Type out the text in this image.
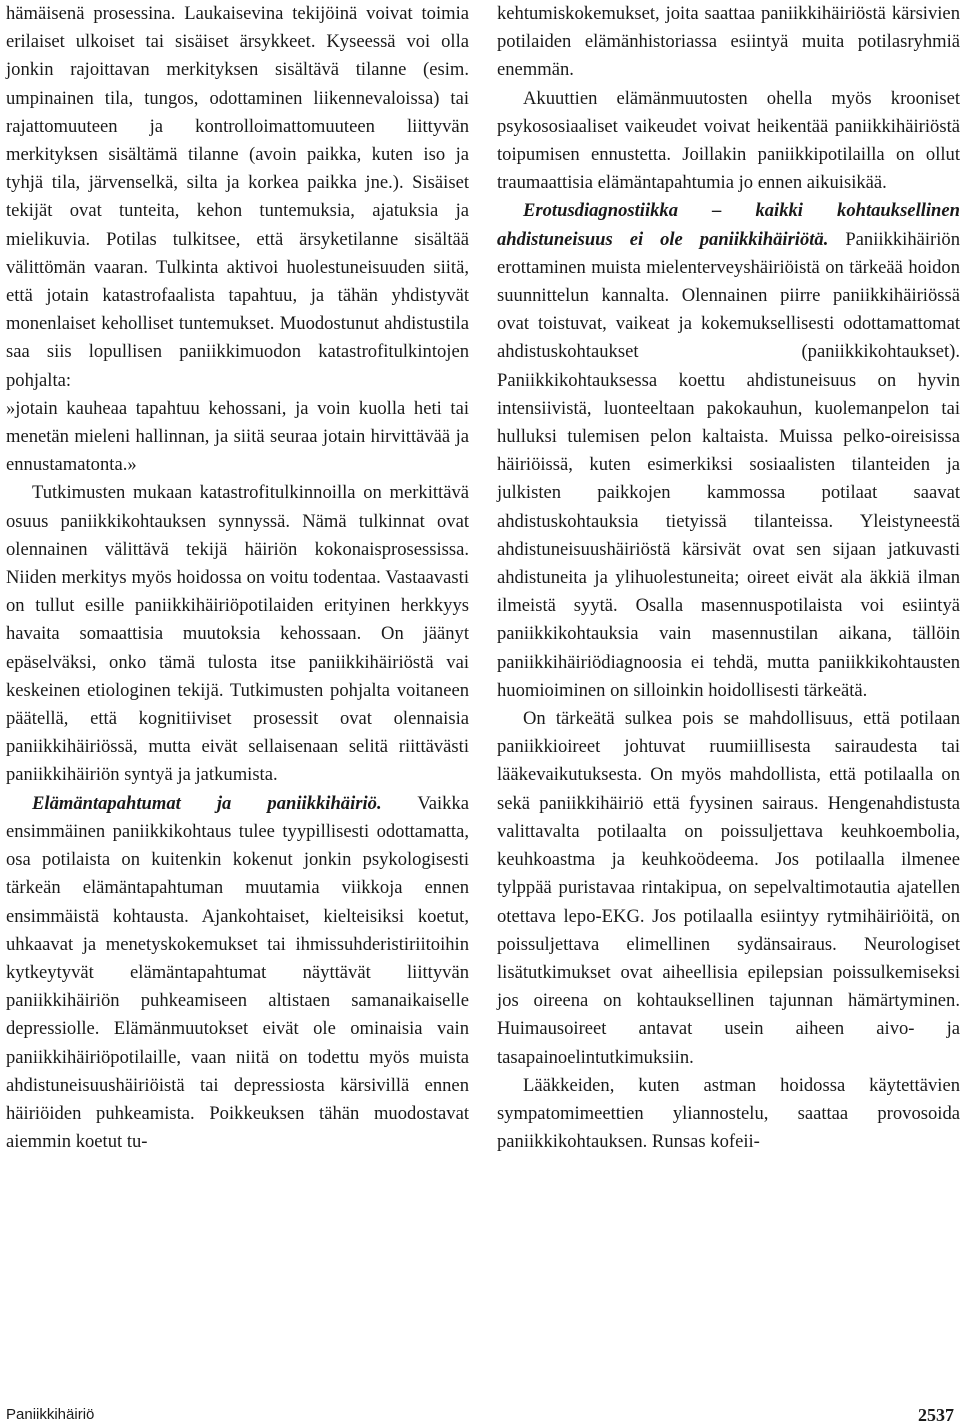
hämäisenä prosessina. Laukaisevina tekijöinä voivat toimia erilaiset ulkoiset tai sisäiset ärsykkeet. Kyseessä voi olla jonkin rajoittavan merkityksen sisältävä tilanne (esim. umpinainen tila, tungos, odottaminen liikennevaloissa) tai rajattomuuteen ja kontrolloimattomuuteen liittyvän merkityksen sisältämä tilanne (avoin paikka, kuten iso ja tyhjä tila, järvenselkä, silta ja korkea paikka jne.). Sisäiset tekijät ovat tunteita, kehon tuntemuksia, ajatuksia ja mielikuvia. Potilas tulkitsee, että ärsyketilanne sisältää välittömän vaaran. Tulkinta aktivoi huolestuneisuuden siitä, että jotain katastrofaalista tapahtuu, ja tähän yhdistyvät monenlaiset keholliset tuntemukset. Muodostunut ahdistustila saa siis lopullisen paniikkimuodon katastrofitulkintojen pohjalta:
»jotain kauheaa tapahtuu kehossani, ja voin kuolla heti tai menetän mieleni hallinnan, ja siitä seuraa jotain hirvittävää ja ennustamatonta.»

Tutkimusten mukaan katastrofitulkinnoilla on merkittävä osuus paniikkikohtauksen synnyssä. Nämä tulkinnat ovat olennainen välittävä tekijä häiriön kokonaisprosessissa. Niiden merkitys myös hoidossa on voitu todentaa. Vastaavasti on tullut esille paniikkihäiriöpotilaiden erityinen herkkyys havaita somaattisia muutoksia kehossaan. On jäänyt epäselväksi, onko tämä tulosta itse paniikkihäiriöstä vai keskeinen etiologinen tekijä. Tutkimusten pohjalta voitaneen päätellä, että kognitiiviset prosessit ovat olennaisia paniikkihäiriössä, mutta eivät sellaisenaan selitä riittävästi paniikkihäiriön syntyä ja jatkumista.

Elämäntapahtumat ja paniikkihäiriö. Vaikka ensimmäinen paniikkikohtaus tulee tyypillisesti odottamatta, osa potilaista on kuitenkin kokenut jonkin psykologisesti tärkeän elämäntapahtuman muutamia viikkoja ennen ensimmäistä kohtausta. Ajankohtaiset, kielteisiksi koetut, uhkaavat ja menetyskokemukset tai ihmissuhderistiriitoihin kytkeytyvät elämäntapahtumat näyttävät liittyvän paniikkihäiriön puhkeamiseen altistaen samanaikaiselle depressiolle. Elämänmuutokset eivät ole ominaisia vain paniikkihäiriöpotilaille, vaan niitä on todettu myös muista ahdistuneisuushäiriöistä tai depressiosta kärsivillä ennen häiriöiden puhkeamista. Poikkeuksen tähän muodostavat aiemmin koetut tu-

kehtumiskokemukset, joita saattaa paniikkihäiriöstä kärsivien potilaiden elämänhistoriassa esiintyä muita potilasryhmiä enemmän.

Akuuttien elämänmuutosten ohella myös krooniset psykososiaaliset vaikeudet voivat heikentää paniikkihäiriöstä toipumisen ennustetta. Joillakin paniikkipotilailla on ollut traumaattisia elämäntapahtumia jo ennen aikuisikää.

Erotusdiagnostiikka – kaikki kohtauksellinen ahdistuneisuus ei ole paniikkihäiriötä. Paniikkihäiriön erottaminen muista mielenterveyshäiriöistä on tärkeää hoidon suunnittelun kannalta. Olennainen piirre paniikkihäiriössä ovat toistuvat, vaikeat ja kokemuksellisesti odottamattomat ahdistuskohtaukset (paniikkikohtaukset). Paniikkikohtauksessa koettu ahdistuneisuus on hyvin intensiivistä, luonteeltaan pakokauhun, kuolemanpelon tai hulluksi tulemisen pelon kaltaista. Muissa pelko-oireisissa häiriöissä, kuten esimerkiksi sosiaalisten tilanteiden ja julkisten paikkojen kammossa potilaat saavat ahdistuskohtauksia tietyissä tilanteissa. Yleistyneestä ahdistuneisuushäiriöstä kärsivät ovat sen sijaan jatkuvasti ahdistuneita ja ylihuolestuneita; oireet eivät ala äkkiä ilman ilmeistä syytä. Osalla masennuspotilaista voi esiintyä paniikkikohtauksia vain masennustilan aikana, tällöin paniikkihäiriödiagnoosia ei tehdä, mutta paniikkikohtausten huomioiminen on silloinkin hoidollisesti tärkeätä.

On tärkeätä sulkea pois se mahdollisuus, että potilaan paniikkioireet johtuvat ruumiillisesta sairaudesta tai lääkevaikutuksesta. On myös mahdollista, että potilaalla on sekä paniikkihäiriö että fyysinen sairaus. Hengenahdistusta valittavalta potilaalta on poissuljettava keuhkoembolia, keuhkoastma ja keuhkoödeema. Jos potilaalla ilmenee tylppää puristavaa rintakipua, on sepelvaltimotautia ajatellen otettava lepo-EKG. Jos potilaalla esiintyy rytmihäiriöitä, on poissuljettava elimellinen sydänsairaus. Neurologiset lisätutkimukset ovat aiheellisia epilepsian poissulkemiseksi jos oireena on kohtauksellinen tajunnan hämärtyminen. Huimausoireet antavat usein aiheen aivo- ja tasapainoelintutkimuksiin.

Lääkkeiden, kuten astman hoidossa käytettävien sympatomimeettien yliannostelu, saattaa provosoida paniikkikohtauksen. Runsas kofeii-

Paniikkihäiriö	2537
